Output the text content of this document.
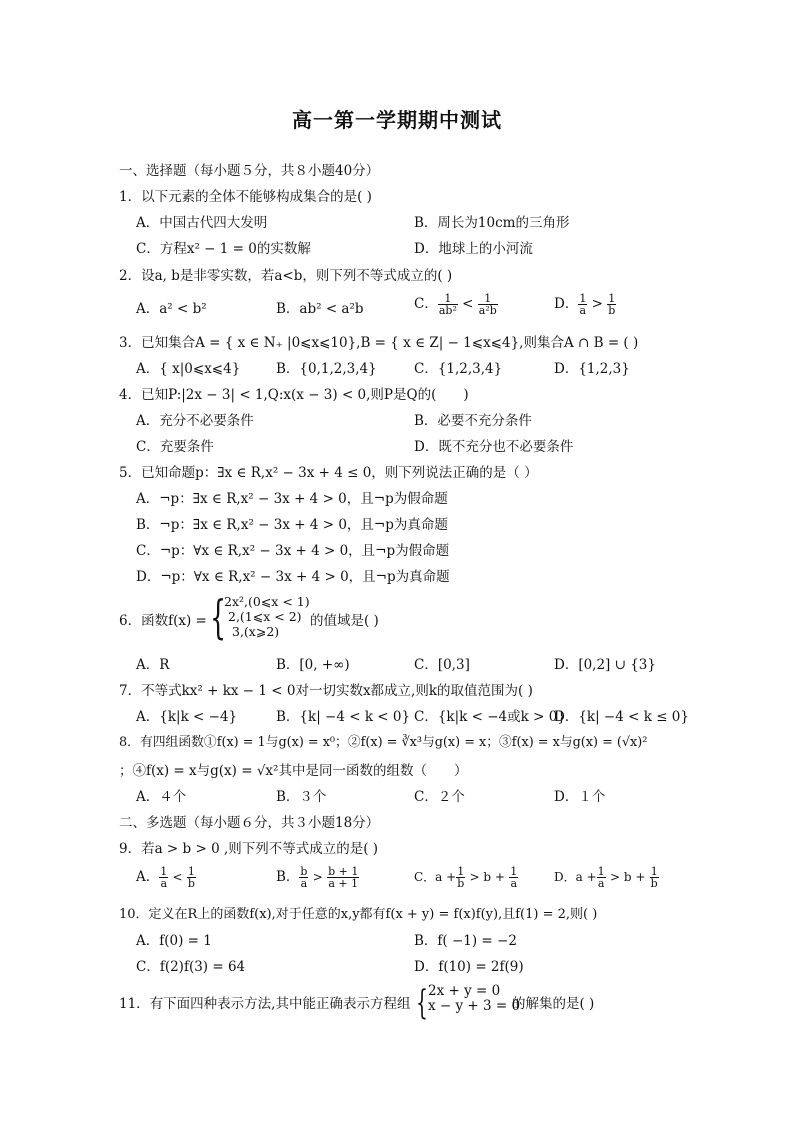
高一第一学期期中测试
一、选择题（每小题５分，共８小题40分）
1．以下元素的全体不能够构成集合的是( )
A．中国古代四大发明	B．周长为10cm的三角形
C．方程x² − 1 = 0的实数解	D．地球上的小河流
2．设a, b是非零实数，若a<b，则下列不等式成立的( )
A．a² < b²	B．ab² < a²b	C． $\frac{1}{\text{ab²}} < \frac{1}{\text{a²b}}$	D． $\frac{1}{a} > \frac{1}{b}$
3．已知集合A = { x ∈ N₊ |0⩽x⩽10},B = { x ∈ Z| − 1⩽x⩽4},则集合A ∩ B = ( )
A．{ x|0⩽x⩽4}	B．{0,1,2,3,4}	C．{1,2,3,4}	D．{1,2,3}
4．已知P:|2x − 3| < 1,Q:x(x − 3) < 0,则P是Q的(　　)
A．充分不必要条件	B．必要不充分条件
C．充要条件	D．既不充分也不必要条件
5．已知命题p：∃x ∈ R,x² − 3x + 4 ≤ 0，则下列说法正确的是（ ）
A．¬p：∃x ∈ R,x² − 3x + 4 > 0，且¬p为假命题
B．¬p：∃x ∈ R,x² − 3x + 4 > 0，且¬p为真命题
C．¬p：∀x ∈ R,x² − 3x + 4 > 0，且¬p为假命题
D．¬p：∀x ∈ R,x² − 3x + 4 > 0，且¬p为真命题
6．函数f(x) = {
2x²,(0⩽x < 1)
2,(1⩽x < 2)
3,(x⩾2)
的值域是( )
A．R	B．[0, +∞)	C．[0,3]	D．[0,2] ∪ {3}
7．不等式kx² + kx − 1 < 0对一切实数x都成立,则k的取值范围为( )
A．{k|k < −4}	B．{k| −4 < k < 0} C．{k|k < −4或k > 0}
D．{k| −4 < k ≤ 0}
8．有四组函数①f(x) = 1与g(x) = x⁰；②f(x) = ∛x³与g(x) = x；③f(x) = x与g(x) = (√x)²
；④f(x) = x与g(x) = √x²其中是同一函数的组数（　　）
A．４个	B．３个	C．２个	D．１个
二、多选题（每小题６分，共３小题18分）
9．若a > b > 0 ,则下列不等式成立的是( )
A． $\frac{1}{a} < \frac{1}{b}$	B． $\frac{b}{a} > \frac{b + 1}{a + 1}$	C．$a + \frac{1}{b} > b + \frac{1}{a}$	D．$a + \frac{1}{a} > b + \frac{1}{b}$
10．定义在R上的函数f(x),对于任意的x,y都有f(x + y) = f(x)f(y),且f(1) = 2,则( )
A．f(0) = 1	B．f( −1) = −2
C．f(2)f(3) = 64	D．f(10) = 2f(9)
11．有下面四种表示方法,其中能正确表示方程组 { 2x + y = 0
x − y + 3 = 0
的解集的是( )
